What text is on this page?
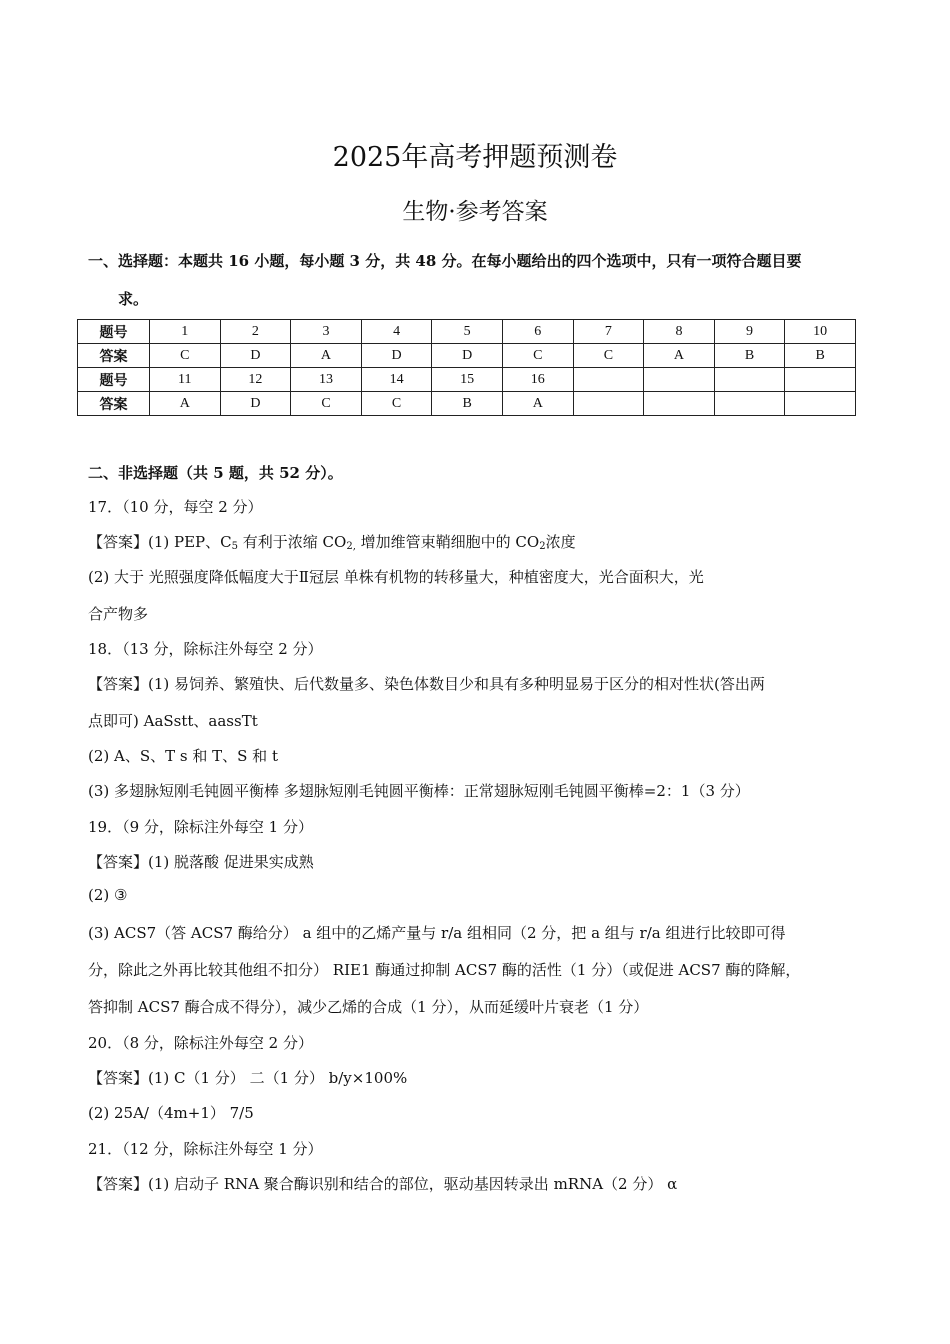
2025年高考押题预测卷
生物·参考答案
一、选择题：本题共 16 小题，每小题 3 分，共 48 分。在每小题给出的四个选项中，只有一项符合题目要
求。
题号	1	2	3	4	5	6	7	8	9	10
答案	C	D	A	D	D	C	C	A	B	B
题号	11	12	13	14	15	16				
答案	A	D	C	C	B	A				
二、非选择题（共 5 题，共 52 分）。
17．（10 分，每空 2 分）
【答案】(1) PEP、$C_5$ 有利于浓缩 $CO_{2,}$ 增加维管束鞘细胞中的 $CO_2$浓度
(2) 大于 光照强度降低幅度大于Ⅱ冠层 单株有机物的转移量大，种植密度大，光合面积大，光
合产物多
18．（13 分，除标注外每空 2 分）
【答案】(1) 易饲养、繁殖快、后代数量多、染色体数目少和具有多种明显易于区分的相对性状(答出两
点即可) AaSstt、aassTt
(2) A、S、T s 和 T、S 和 t
(3) 多翅脉短刚毛钝圆平衡棒 多翅脉短刚毛钝圆平衡棒：正常翅脉短刚毛钝圆平衡棒=2：1（3 分）
19．（9 分，除标注外每空 1 分）
【答案】(1) 脱落酸 促进果实成熟
(2) ③
(3) ACS7（答 ACS7 酶给分） a 组中的乙烯产量与 r/a 组相同（2 分，把 a 组与 r/a 组进行比较即可得
分，除此之外再比较其他组不扣分） RIE1 酶通过抑制 ACS7 酶的活性（1 分）（或促进 ACS7 酶的降解，
答抑制 ACS7 酶合成不得分），减少乙烯的合成（1 分），从而延缓叶片衰老（1 分）
20．（8 分，除标注外每空 2 分）
【答案】(1) C（1 分） 二（1 分） b/y×100%
(2) 25A/（4m+1） 7/5
21．（12 分，除标注外每空 1 分）
【答案】(1) 启动子 RNA 聚合酶识别和结合的部位，驱动基因转录出 mRNA（2 分） α
